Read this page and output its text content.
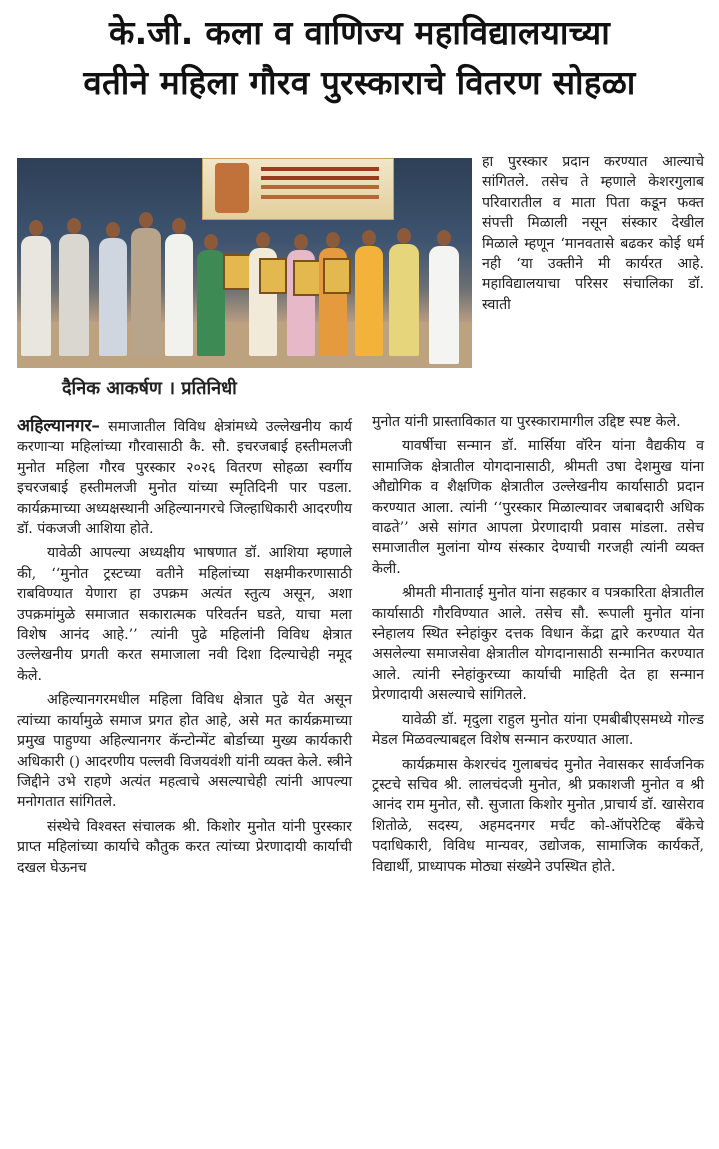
के.जी. कला व वाणिज्य महाविद्यालयाच्या
वतीने महिला गौरव पुरस्काराचे वितरण सोहळा
दैनिक आकर्षण । प्रतिनिधी

अहिल्यानगर– समाजातील विविध क्षेत्रांमध्ये उल्लेखनीय कार्य करणाऱ्या महिलांच्या गौरवासाठी कै. सौ. इचरजबाई हस्तीमलजी मुनोत महिला गौरव पुरस्कार २०२६ वितरण सोहळा स्वर्गीय इचरजबाई हस्तीमलजी मुनोत यांच्या स्मृतिदिनी पार पडला. कार्यक्रमाच्या अध्यक्षस्थानी अहिल्यानगरचे जिल्हाधिकारी आदरणीय डॉ. पंकजजी आशिया होते.

यावेळी आपल्या अध्यक्षीय भाषणात डॉ. आशिया म्हणाले की, ‘‘मुनोत ट्रस्टच्या वतीने महिलांच्या सक्षमीकरणासाठी राबविण्यात येणारा हा उपक्रम अत्यंत स्तुत्य असून, अशा उपक्रमांमुळे समाजात सकारात्मक परिवर्तन घडते, याचा मला विशेष आनंद आहे.’’ त्यांनी पुढे महिलांनी विविध क्षेत्रात उल्लेखनीय प्रगती करत समाजाला नवी दिशा दिल्याचेही नमूद केले.

अहिल्यानगरमधील महिला विविध क्षेत्रात पुढे येत असून त्यांच्या कार्यामुळे समाज प्रगत होत आहे, असे मत कार्यक्रमाच्या प्रमुख पाहुण्या अहिल्यानगर कॅन्टोन्मेंट बोर्डाच्या मुख्य कार्यकारी अधिकारी () आदरणीय पल्लवी विजयवंशी यांनी व्यक्त केले. स्त्रीने जिद्दीने उभे राहणे अत्यंत महत्वाचे असल्याचेही त्यांनी आपल्या मनोगतात सांगितले.

संस्थेचे विश्वस्त संचालक श्री. किशोर मुनोत यांनी पुरस्कार प्राप्त महिलांच्या कार्याचे कौतुक करत त्यांच्या प्रेरणादायी कार्याची दखल घेऊनच

हा पुरस्कार प्रदान करण्यात आल्याचे सांगितले. तसेच ते म्हणाले केशरगुलाब परिवारातील व माता पिता कडून फक्त संपत्ती मिळाली नसून संस्कार देखील मिळाले म्हणून ‘मानवतासे बढकर कोई धर्म नही ‘या उक्तीने मी कार्यरत आहे. महाविद्यालयाचा परिसर संचालिका डॉ. स्वाती

मुनोत यांनी प्रास्ताविकात या पुरस्कारामागील उद्दिष्ट स्पष्ट केले.

यावर्षीचा सन्मान डॉ. मार्सिया वॉरेन यांना वैद्यकीय व सामाजिक क्षेत्रातील योगदानासाठी, श्रीमती उषा देशमुख यांना औद्योगिक व शैक्षणिक क्षेत्रातील उल्लेखनीय कार्यासाठी प्रदान करण्यात आला. त्यांनी ‘‘पुरस्कार मिळाल्यावर जबाबदारी अधिक वाढते’’ असे सांगत आपला प्रेरणादायी प्रवास मांडला. तसेच समाजातील मुलांना योग्य संस्कार देण्याची गरजही त्यांनी व्यक्त केली.

श्रीमती मीनाताई मुनोत यांना सहकार व पत्रकारिता क्षेत्रातील कार्यासाठी गौरविण्यात आले. तसेच सौ. रूपाली मुनोत यांना स्नेहालय स्थित स्नेहांकुर दत्तक विधान केंद्रा द्वारे करण्यात येत असलेल्या समाजसेवा क्षेत्रातील योगदानासाठी सन्मानित करण्यात आले. त्यांनी स्नेहांकुरच्या कार्याची माहिती देत हा सन्मान प्रेरणादायी असल्याचे सांगितले.

यावेळी डॉ. मृदुला राहुल मुनोत यांना एमबीबीएसमध्ये गोल्ड मेडल मिळवल्याबद्दल विशेष सन्मान करण्यात आला.

कार्यक्रमास केशरचंद गुलाबचंद मुनोत नेवासकर सार्वजनिक ट्रस्टचे सचिव श्री. लालचंदजी मुनोत, श्री प्रकाशजी मुनोत व श्री आनंद राम मुनोत, सौ. सुजाता किशोर मुनोत ,प्राचार्य डॉ. खासेराव शितोळे, सदस्य, अहमदनगर मर्चंट को-ऑपरेटिव्ह बँकेचे पदाधिकारी, विविध मान्यवर, उद्योजक, सामाजिक कार्यकर्ते, विद्यार्थी, प्राध्यापक मोठ्या संख्येने उपस्थित होते.
